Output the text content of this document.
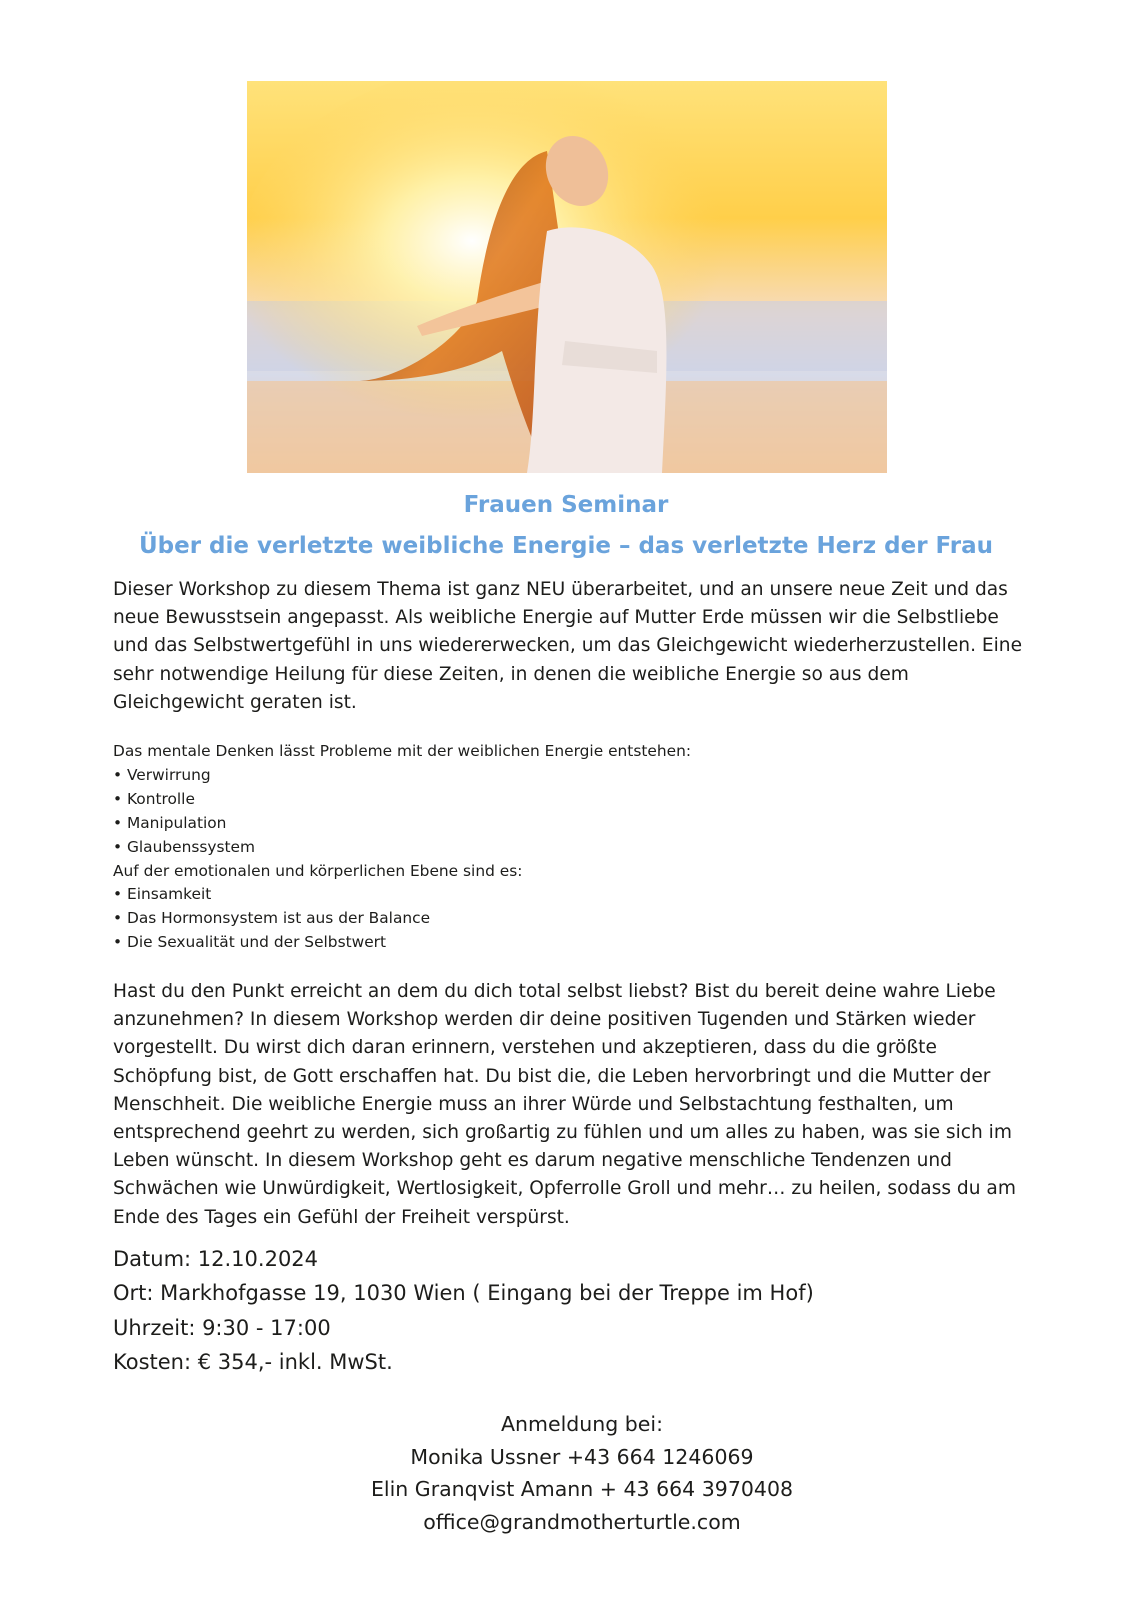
Frauen Seminar
Über die verletzte weibliche Energie – das verletzte Herz der Frau

Dieser Workshop zu diesem Thema ist ganz NEU überarbeitet, und an unsere neue Zeit und das neue Bewusstsein angepasst. Als weibliche Energie auf Mutter Erde müssen wir die Selbstliebe und das Selbstwertgefühl in uns wiedererwecken, um das Gleichgewicht wiederherzustellen. Eine sehr notwendige Heilung für diese Zeiten, in denen die weibliche Energie so aus dem Gleichgewicht geraten ist.

Das mentale Denken lässt Probleme mit der weiblichen Energie entstehen:
• Verwirrung
• Kontrolle
• Manipulation
• Glaubenssystem
Auf der emotionalen und körperlichen Ebene sind es:
• Einsamkeit
• Das Hormonsystem ist aus der Balance
• Die Sexualität und der Selbstwert

Hast du den Punkt erreicht an dem du dich total selbst liebst? Bist du bereit deine wahre Liebe anzunehmen? In diesem Workshop werden dir deine positiven Tugenden und Stärken wieder vorgestellt. Du wirst dich daran erinnern, verstehen und akzeptieren, dass du die größte Schöpfung bist, de Gott erschaffen hat. Du bist die, die Leben hervorbringt und die Mutter der Menschheit. Die weibliche Energie muss an ihrer Würde und Selbstachtung festhalten, um entsprechend geehrt zu werden, sich großartig zu fühlen und um alles zu haben, was sie sich im Leben wünscht. In diesem Workshop geht es darum negative menschliche Tendenzen und Schwächen wie Unwürdigkeit, Wertlosigkeit, Opferrolle Groll und mehr… zu heilen, sodass du am Ende des Tages ein Gefühl der Freiheit verspürst.

Datum: 12.10.2024
Ort: Markhofgasse 19, 1030 Wien ( Eingang bei der Treppe im Hof)
Uhrzeit: 9:30 - 17:00
Kosten: € 354,- inkl. MwSt.
Anmeldung bei:
Monika Ussner +43 664 1246069
Elin Granqvist Amann + 43 664 3970408
office@grandmotherturtle.com
